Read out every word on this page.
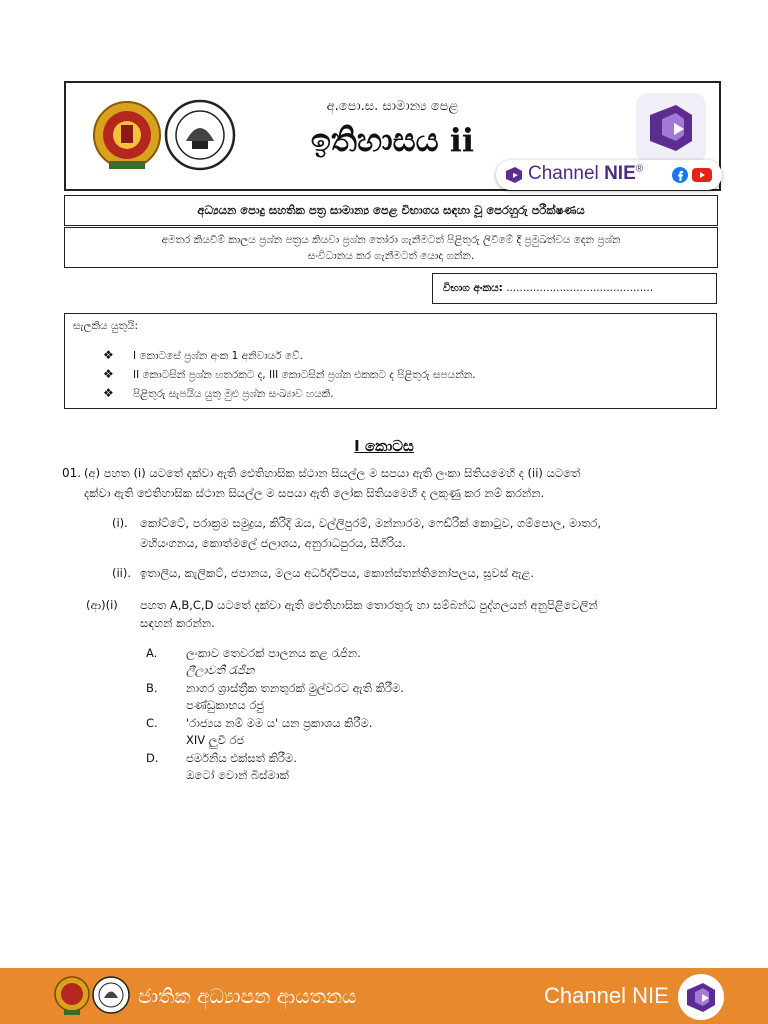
අ.පො.ස. සාමාන්‍ය පෙළ
ඉතිහාසය ii
Channel NIE®
අධ්‍යයන පොදු සහතික පත්‍ර සාමාන්‍ය පෙළ විභාගය සඳහා වූ පෙරහුරු පරීක්ෂණය
අමතර කියවීම් කාලය ප්‍රශ්න පත්‍රය කියවා ප්‍රශ්න තෝරා ගැනීමටත් පිළිතුරු ලිවීමේ දී ප්‍රමුඛත්වය දෙන ප්‍රශ්න
සංවිධානය කර ගැනීමටත් යොදා ගන්න.
විභාග අංකය: ............................................
සැලකිය යුතුයි:
❖ I කොටසේ ප්‍රශ්න අංක 1 අනිවාර්ය වේ.
❖ II කොටසින් ප්‍රශ්න හතරකට ද, III කොටසින් ප්‍රශ්න එකකට ද පිළිතුරු සපයන්න.
❖ පිළිතුරු සැපයිය යුතු මුළු ප්‍රශ්න සංඛ්‍යාව හයකි.
I කොටස
01. (අ) පහත (i) යටතේ දක්වා ඇති ඓතිහාසික ස්ථාන සියල්ල ම සපයා ඇති ලංකා සිතියමෙහි ද (ii) යටතේ
දක්වා ඇති ඓතිහාසික ස්ථාන සියල්ල ම සපයා ඇති ලෝක සිතියමෙහි ද ලකුණු කර නම් කරන්න.
(i). කෝට්ටේ, පරාක්‍රම සමුද්‍රය, කිරිදි ඔය, වල්ලිපුරම්, මන්නාරම, ෆෙඩ්රික් කොටුව, ගම්පොල, මාතර,
මහියංගනය, කොත්මලේ ජලාශය, අනුරාධපුරය, සීගිරිය.
(ii). ඉතාලිය, කැලිකට්, ජපානය, මලය අර්ධද්වීපය, කොන්ස්තන්තිනෝපලය, සූවස් ඇළ.
(ආ)(i) පහත A,B,C,D යටතේ දක්වා ඇති ඓතිහාසික තොරතුරු හා සම්බන්ධ පුද්ගලයන් අනුපිළිවෙලින්
සඳහන් කරන්න.
A. ලංකාව තෙවරක් පාලනය කළ රැජින.
ලීලාවතී රැජින
B. නාගර ශ්‍රාස්ත්‍රීක තනතුරක් මුල්වරට ඇති කිරීම.
පණ්ඩුකාභය රජු
C. 'රාජ්‍යය නම් මම ය' යන ප්‍රකාශය කිරීම.
XIV ලුවී රජ
D. ජර්මනිය එක්සත් කිරීම.
ඔටෝ වොන් බිස්මාක්
ජාතික අධ්‍යාපන ආයතනය	Channel NIE
